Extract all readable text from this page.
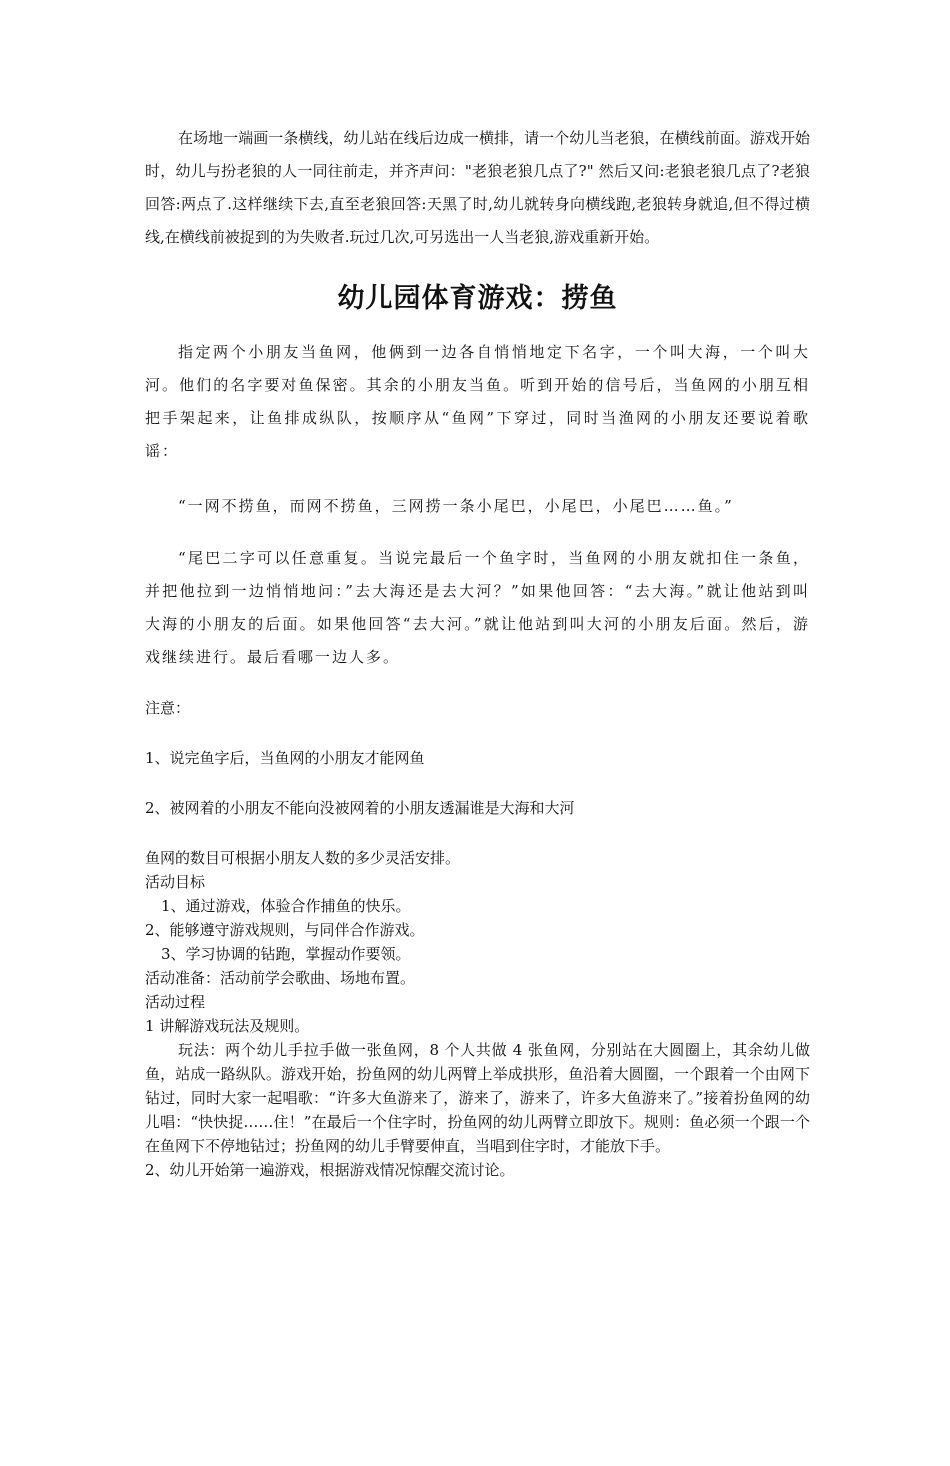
在场地一端画一条横线，幼儿站在线后边成一横排，请一个幼儿当老狼，在横线前面。游戏开始时，幼儿与扮老狼的人一同往前走，并齐声问："老狼老狼几点了?" 然后又问:老狼老狼几点了?老狼回答:两点了.这样继续下去,直至老狼回答:天黑了时,幼儿就转身向横线跑,老狼转身就追,但不得过横线,在横线前被捉到的为失败者.玩过几次,可另选出一人当老狼,游戏重新开始。

幼儿园体育游戏：捞鱼

指定两个小朋友当鱼网，他俩到一边各自悄悄地定下名字，一个叫大海，一个叫大河。他们的名字要对鱼保密。其余的小朋友当鱼。听到开始的信号后，当鱼网的小朋互相把手架起来，让鱼排成纵队，按顺序从“鱼网”下穿过，同时当渔网的小朋友还要说着歌谣：

“一网不捞鱼，而网不捞鱼，三网捞一条小尾巴，小尾巴，小尾巴……鱼。”

“尾巴二字可以任意重复。当说完最后一个鱼字时，当鱼网的小朋友就扣住一条鱼，并把他拉到一边悄悄地问：”去大海还是去大河？”如果他回答：“去大海。”就让他站到叫大海的小朋友的后面。如果他回答“去大河。”就让他站到叫大河的小朋友后面。然后，游戏继续进行。最后看哪一边人多。

注意：

1、说完鱼字后，当鱼网的小朋友才能网鱼

2、被网着的小朋友不能向没被网着的小朋友透漏谁是大海和大河

鱼网的数目可根据小朋友人数的多少灵活安排。

活动目标

1、通过游戏，体验合作捕鱼的快乐。

2、能够遵守游戏规则，与同伴合作游戏。

3、学习协调的钻跑，掌握动作要领。

活动准备：活动前学会歌曲、场地布置。

活动过程

1 讲解游戏玩法及规则。

玩法：两个幼儿手拉手做一张鱼网，8 个人共做 4 张鱼网，分别站在大圆圈上，其余幼儿做鱼，站成一路纵队。游戏开始，扮鱼网的幼儿两臂上举成拱形，鱼沿着大圆圈，一个跟着一个由网下钻过，同时大家一起唱歌：“许多大鱼游来了，游来了，游来了，许多大鱼游来了。”接着扮鱼网的幼儿唱：“快快捉……住！”在最后一个住字时，扮鱼网的幼儿两臂立即放下。规则：鱼必须一个跟一个在鱼网下不停地钻过；扮鱼网的幼儿手臂要伸直，当唱到住字时，才能放下手。

2、幼儿开始第一遍游戏，根据游戏情况惊醒交流讨论。
